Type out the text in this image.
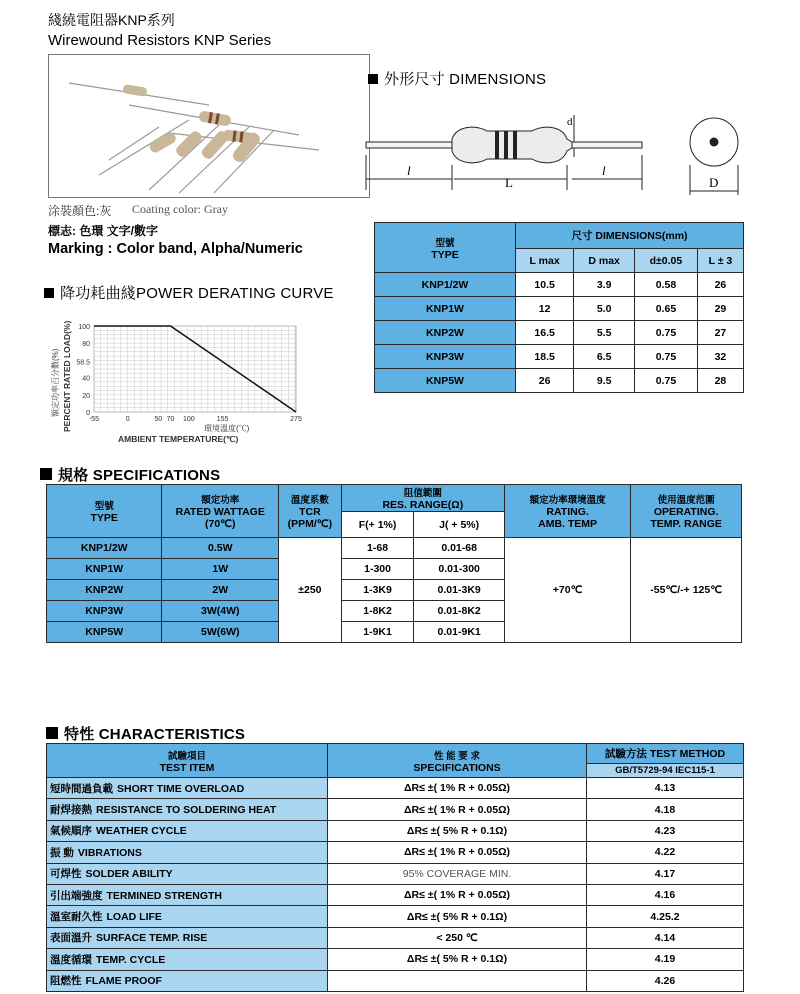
綫繞電阻器KNP系列
Wirewound Resistors KNP Series
涂裝顏色:灰 Coating color: Gray
標志: 色環 文字/數字
Marking : Color band, Alpha/Numeric
外形尺寸 DIMENSIONS
l
L
l
D
d
型號
TYPE	尺寸 DIMENSIONS(mm)			
	L max	D max	d±0.05	L ± 3
KNP1/2W	10.5	3.9	0.58	26
KNP1W	12	5.0	0.65	29
KNP2W	16.5	5.5	0.75	27
KNP3W	18.5	6.5	0.75	32
KNP5W	26	9.5	0.75	28
降功耗曲綫POWER DERATING CURVE
額定功率百分數(%) PERCENT RATED LOAD(%) 0
20
40
58.5
80
100
-55	0	50 70 100	155	275
環境溫度(℃)
AMBIENT TEMPERATURE(℃)
規格 SPECIFICATIONS
型號
TYPE	額定功率
RATED WATTAGE
(70℃)	溫度系數
TCR
(PPM/℃)	阻值範圍
RES. RANGE(Ω)		額定功率環境溫度
RATING.
AMB. TEMP	使用溫度范圍
OPERATING.
TEMP. RANGE
			F(+ 1%)	J( + 5%)		
KNP1/2W	0.5W	±250	1-68	0.01-68	+70℃	-55℃/-+ 125℃
KNP1W	1W		1-300	0.01-300		
KNP2W	2W		1-3K9	0.01-3K9		
KNP3W	3W(4W)		1-8K2	0.01-8K2		
KNP5W	5W(6W)		1-9K1	0.01-9K1		
特性 CHARACTERISTICS
試驗項目
TEST ITEM	性 能 要 求
SPECIFICATIONS	試驗方法 TEST METHOD
		GB/T5729-94 IEC115-1
短時間過負載 SHORT TIME OVERLOAD	ΔR≤ ±( 1% R + 0.05Ω)	4.13
耐焊接熱 RESISTANCE TO SOLDERING HEAT	ΔR≤ ±( 1% R + 0.05Ω)	4.18
氣候順序 WEATHER CYCLE	ΔR≤ ±( 5% R + 0.1Ω)	4.23
振 動 VIBRATIONS	ΔR≤ ±( 1% R + 0.05Ω)	4.22
可焊性 SOLDER ABILITY	95% COVERAGE MIN.	4.17
引出端強度 TERMINED STRENGTH	ΔR≤ ±( 1% R + 0.05Ω)	4.16
溫室耐久性 LOAD LIFE	ΔR≤ ±( 5% R + 0.1Ω)	4.25.2
表面溫升 SURFACE TEMP. RISE	< 250 ℃	4.14
溫度循環 TEMP. CYCLE	ΔR≤ ±( 5% R + 0.1Ω)	4.19
阻燃性 FLAME PROOF		4.26
